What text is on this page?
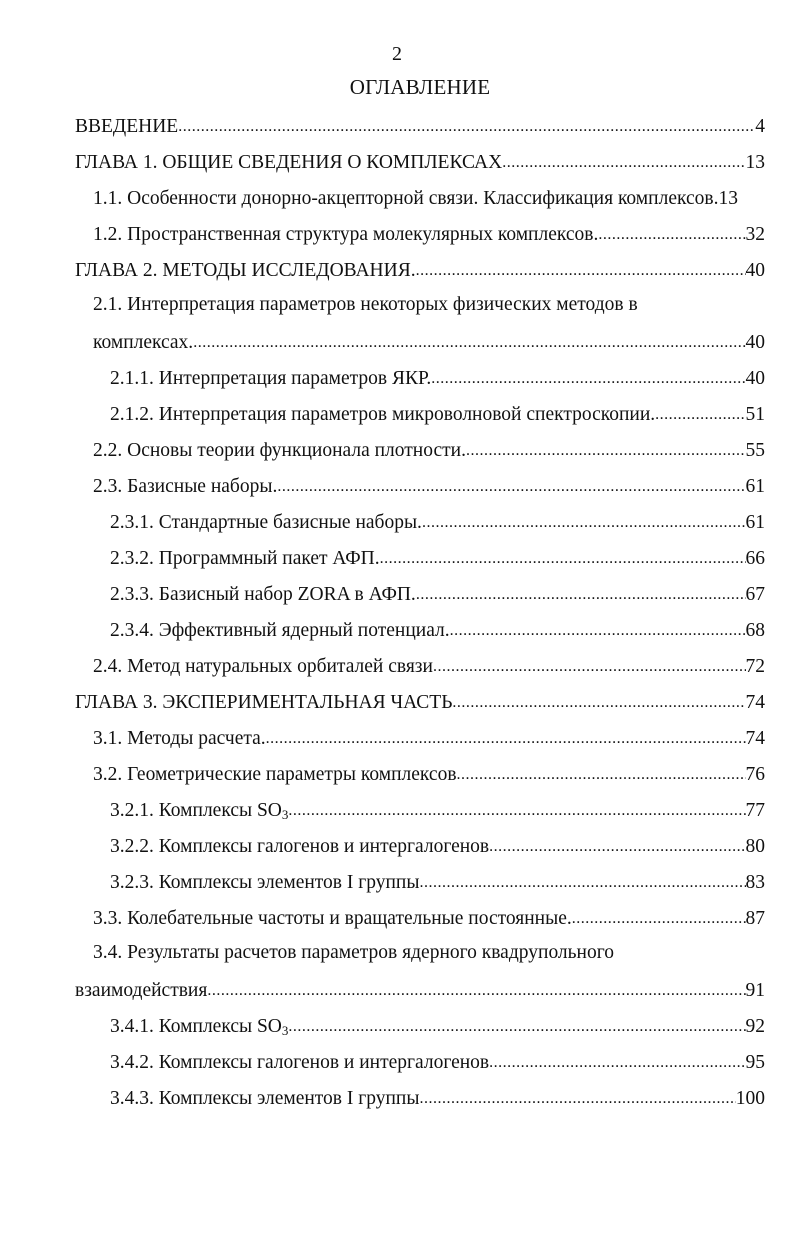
2
ОГЛАВЛЕНИЕ
ВВЕДЕНИЕ . . .	4
ГЛАВА 1. ОБЩИЕ СВЕДЕНИЯ О КОМПЛЕКСАХ . . .	13
1.1. Особенности донорно-акцепторной связи. Классификация комплексов. 13
1.2. Пространственная структура молекулярных комплексов. . . .	32
ГЛАВА 2. МЕТОДЫ ИССЛЕДОВАНИЯ. . . .	40
2.1. Интерпретация параметров некоторых физических методов в
комплексах. . . .	40
2.1.1. Интерпретация параметров ЯКР. . . .	40
2.1.2. Интерпретация параметров микроволновой спектроскопии. . . .	51
2.2. Основы теории функционала плотности. . . .	55
2.3. Базисные наборы. . . .	61
2.3.1. Стандартные базисные наборы. . . .	61
2.3.2. Программный пакет АФП. . . .	66
2.3.3. Базисный набор ZORA в АФП. . . .	67
2.3.4. Эффективный ядерный потенциал. . . .	68
2.4. Метод натуральных орбиталей связи . . .	72
ГЛАВА 3. ЭКСПЕРИМЕНТАЛЬНАЯ ЧАСТЬ . . .	74
3.1. Методы расчета. . . .	74
3.2. Геометрические параметры комплексов . . .	76
3.2.1. Комплексы $SO_3$ . . .	77
3.2.2. Комплексы галогенов и интергалогенов . . .	80
3.2.3. Комплексы элементов I группы . . .	83
3.3. Колебательные частоты и вращательные постоянные. . . .	87
3.4. Результаты расчетов параметров ядерного квадрупольного
взаимодействия . . .	91
3.4.1. Комплексы $SO_3$ . . .	92
3.4.2. Комплексы галогенов и интергалогенов . . .	95
3.4.3. Комплексы элементов I группы . . .	100
